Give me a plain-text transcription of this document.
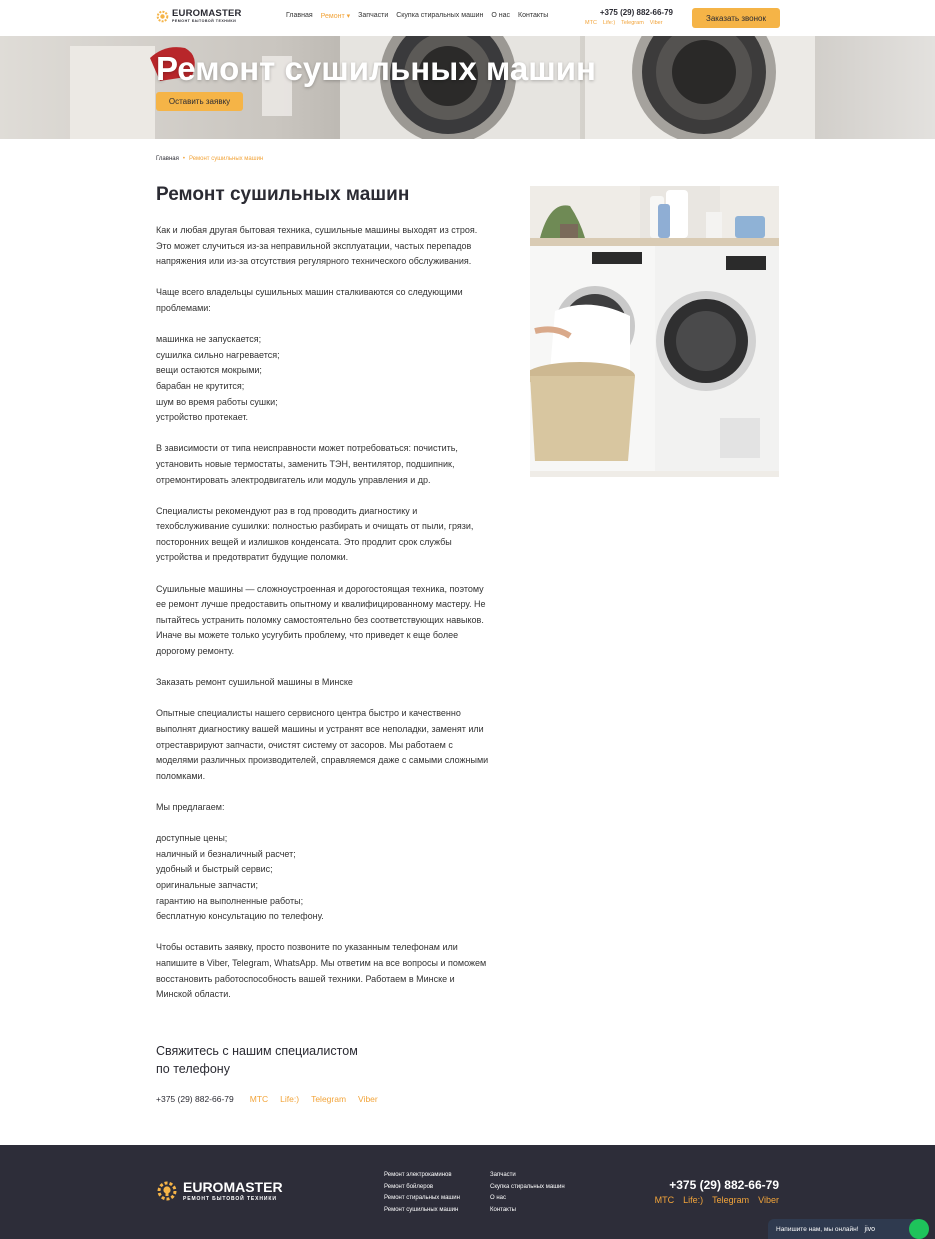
EUROMASTER
РЕМОНТ БЫТОВОЙ ТЕХНИКИ
Главная Ремонт ▾ Запчасти Скупка стиральных машин О нас Контакты	+375 (29) 882-66-79
МТС Life:) Telegram Viber
Заказать звонок
Ремонт сушильных машин
Оставить заявку
Главная • Ремонт сушильных машин
Ремонт сушильных машин

Как и любая другая бытовая техника, сушильные машины выходят из строя.
Это может случиться из-за неправильной эксплуатации, частых перепадов
напряжения или из-за отсутствия регулярного технического обслуживания.

Чаще всего владельцы сушильных машин сталкиваются со следующими
проблемами:

машинка не запускается;
сушилка сильно нагревается;
вещи остаются мокрыми;
барабан не крутится;
шум во время работы сушки;
устройство протекает.

В зависимости от типа неисправности может потребоваться: почистить,
установить новые термостаты, заменить ТЭН, вентилятор, подшипник,
отремонтировать электродвигатель или модуль управления и др.

Специалисты рекомендуют раз в год проводить диагностику и
техобслуживание сушилки: полностью разбирать и очищать от пыли, грязи,
посторонних вещей и излишков конденсата. Это продлит срок службы
устройства и предотвратит будущие поломки.

Сушильные машины — сложноустроенная и дорогостоящая техника, поэтому
ее ремонт лучше предоставить опытному и квалифицированному мастеру. Не
пытайтесь устранить поломку самостоятельно без соответствующих навыков.
Иначе вы можете только усугубить проблему, что приведет к еще более
дорогому ремонту.

Заказать ремонт сушильной машины в Минске

Опытные специалисты нашего сервисного центра быстро и качественно
выполнят диагностику вашей машины и устранят все неполадки, заменят или
отреставрируют запчасти, очистят систему от засоров. Мы работаем с
моделями различных производителей, справляемся даже с самыми сложными
поломками.

Мы предлагаем:

доступные цены;
наличный и безналичный расчет;
удобный и быстрый сервис;
оригинальные запчасти;
гарантию на выполненные работы;
бесплатную консультацию по телефону.

Чтобы оставить заявку, просто позвоните по указанным телефонам или
напишите в Viber, Telegram, WhatsApp. Мы ответим на все вопросы и поможем
восстановить работоспособность вашей техники. Работаем в Минске и
Минской области.

Свяжитесь с нашим специалистом
по телефону
+375 (29) 882-66-79 МТС Life:) Telegram Viber
EUROMASTER
РЕМОНТ БЫТОВОЙ ТЕХНИКИ
Ремонт электрокаминов
Ремонт бойлеров
Ремонт стиральных машин
Ремонт сушильных машин
Запчасти
Скупка стиральных машин
О нас
Контакты
+375 (29) 882-66-79
МТС Life:) Telegram Viber
Напишите нам, мы онлайн! jivo
